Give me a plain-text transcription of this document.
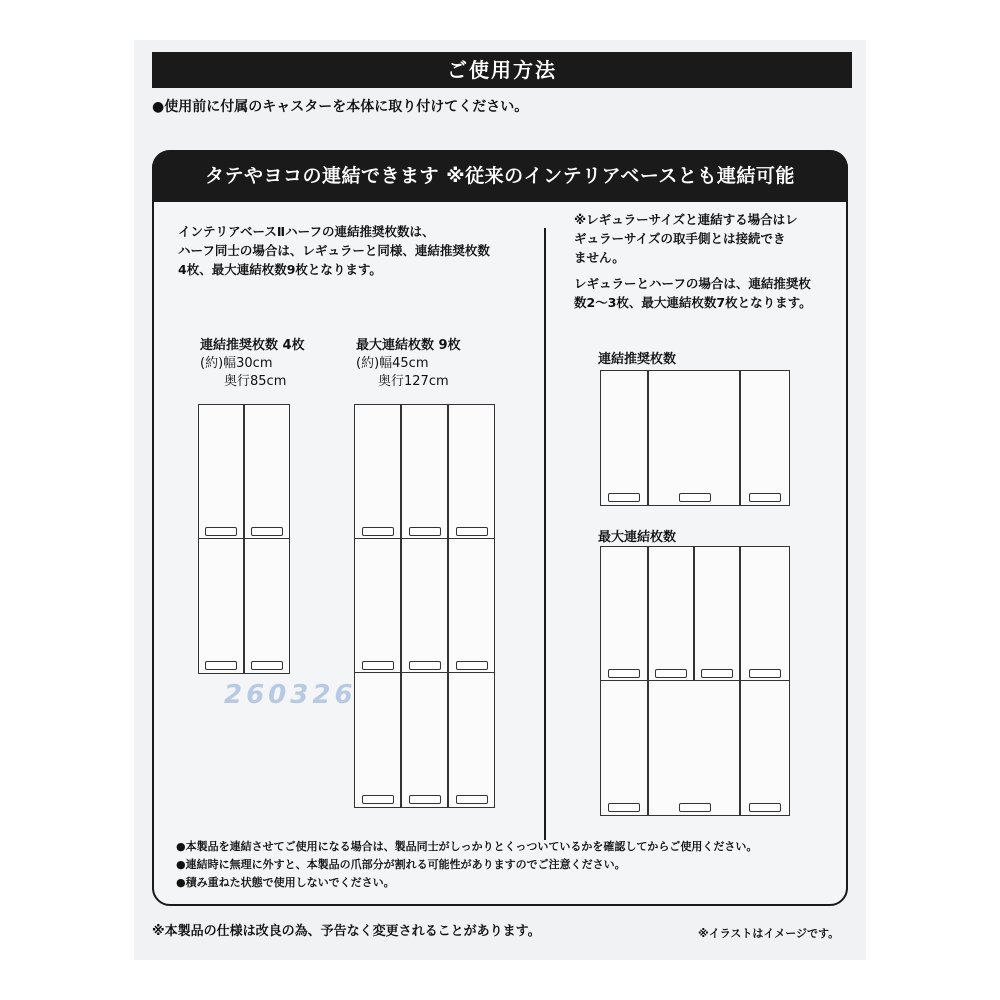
ご使用方法
●使用前に付属のキャスターを本体に取り付けてください。
タテやヨコの連結できます ※従来のインテリアベースとも連結可能
インテリアベースⅡハーフの連結推奨枚数は、
ハーフ同士の場合は、レギュラーと同様、連結推奨枚数
4枚、最大連結枚数9枚となります。
連結推奨枚数 4枚
(約)幅30cm
奥行85cm
最大連結枚数 9枚
(約)幅45cm
奥行127cm
※レギュラーサイズと連結する場合はレ
ギュラーサイズの取手側とは接続でき
ません。
レギュラーとハーフの場合は、連結推奨枚
数2〜3枚、最大連結枚数7枚となります。
連結推奨枚数
最大連結枚数
●本製品を連結させてご使用になる場合は、製品同士がしっかりとくっついているかを確認してからご使用ください。
●連結時に無理に外すと、本製品の爪部分が割れる可能性がありますのでご注意ください。
●積み重ねた状態で使用しないでください。
260326
※本製品の仕様は改良の為、予告なく変更されることがあります。	※イラストはイメージです。
